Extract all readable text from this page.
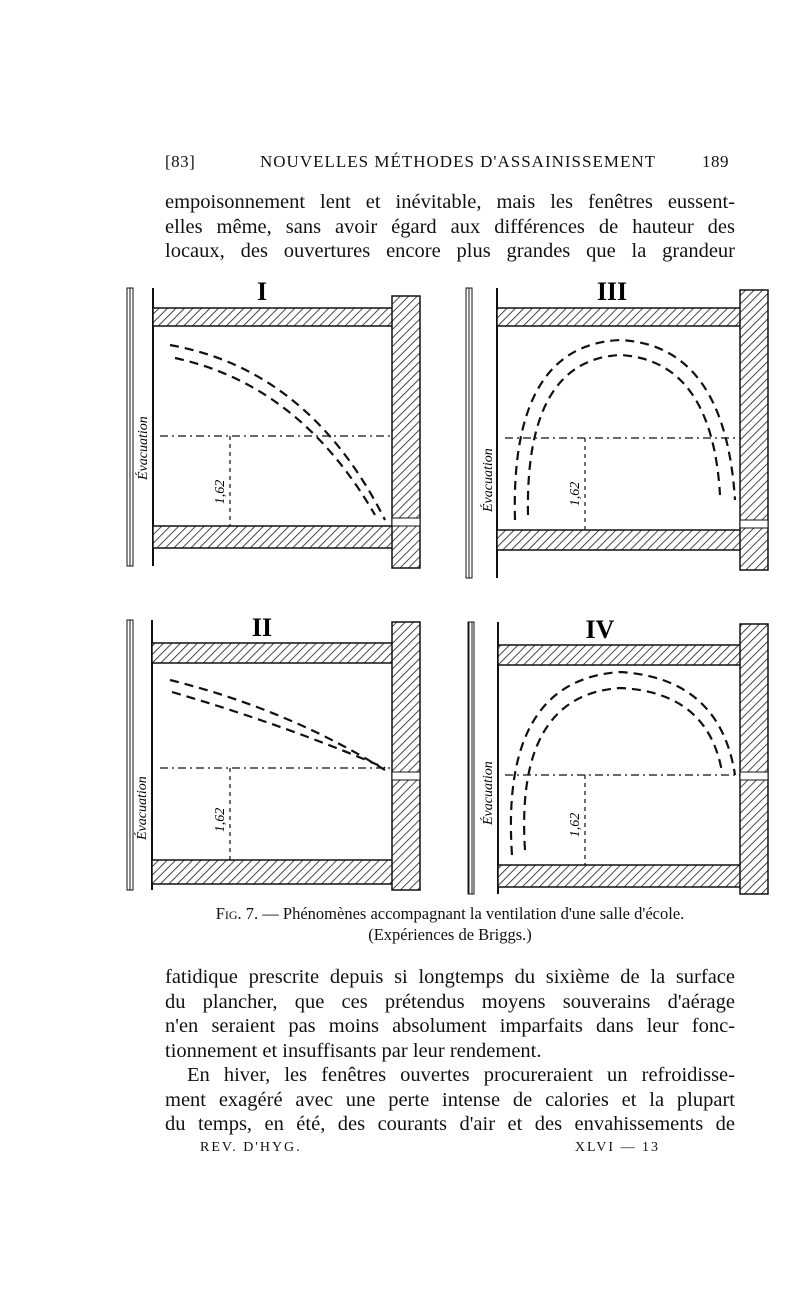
[83]	NOUVELLES MÉTHODES D'ASSAINISSEMENT	189
empoisonnement lent et inévitable, mais les fenêtres eussent-
elles même, sans avoir égard aux différences de hauteur des
locaux, des ouvertures encore plus grandes que la grandeur
I	III
II	IV
Évacuation
Évacuation
Évacuation	Évacuation
1,62	1,62
1,62	1,62
Fig. 7. — Phénomènes accompagnant la ventilation d'une salle d'école.
(Expériences de Briggs.)
fatidique prescrite depuis si longtemps du sixième de la surface
du plancher, que ces prétendus moyens souverains d'aérage
n'en seraient pas moins absolument imparfaits dans leur fonc-
tionnement et insuffisants par leur rendement.
En hiver, les fenêtres ouvertes procureraient un refroidisse-
ment exagéré avec une perte intense de calories et la plupart
du temps, en été, des courants d'air et des envahissements de
REV. D'HYG.	XLVI — 13
